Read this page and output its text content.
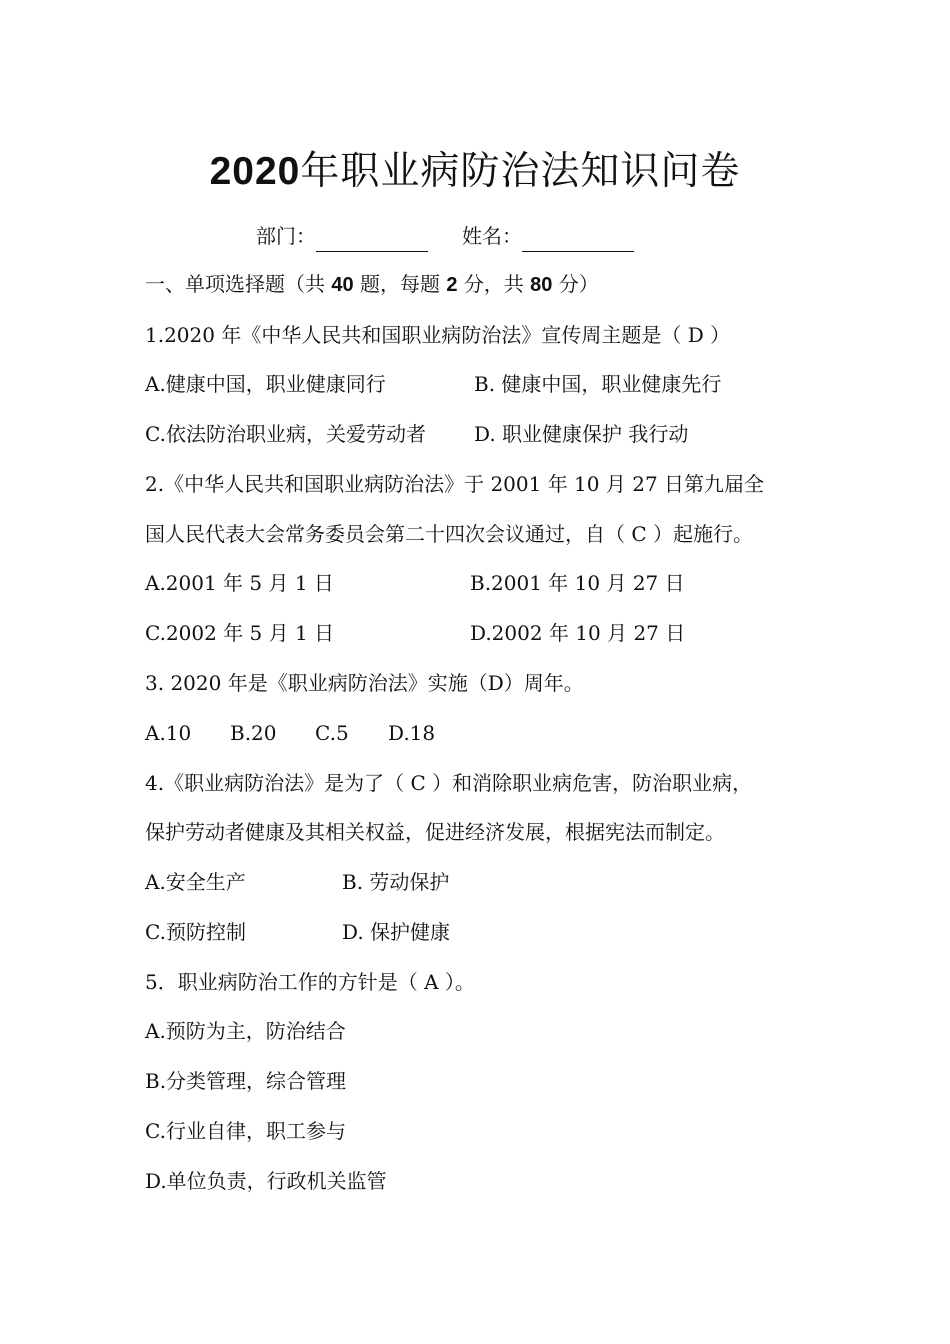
2020年职业病防治法知识问卷
部门：	姓名：
一、单项选择题（共 40 题，每题 2 分，共 80 分）
1.2020 年《中华人民共和国职业病防治法》宣传周主题是（ D ）
A.健康中国，职业健康同行	B. 健康中国，职业健康先行
C.依法防治职业病，关爱劳动者 D. 职业健康保护 我行动
2.《中华人民共和国职业病防治法》于 2001 年 10 月 27 日第九届全
国人民代表大会常务委员会第二十四次会议通过，自（ C ）起施行。
A.2001 年 5 月 1 日	B.2001 年 10 月 27 日
C.2002 年 5 月 1 日	D.2002 年 10 月 27 日
3. 2020 年是《职业病防治法》实施（D）周年。
A.10 B.20 C.5 D.18
4.《职业病防治法》是为了（ C ）和消除职业病危害，防治职业病，
保护劳动者健康及其相关权益，促进经济发展，根据宪法而制定。
A.安全生产	B. 劳动保护
C.预防控制	D. 保护健康
5．职业病防治工作的方针是（ A ）。
A.预防为主，防治结合
B.分类管理，综合管理
C.行业自律，职工参与
D.单位负责，行政机关监管
